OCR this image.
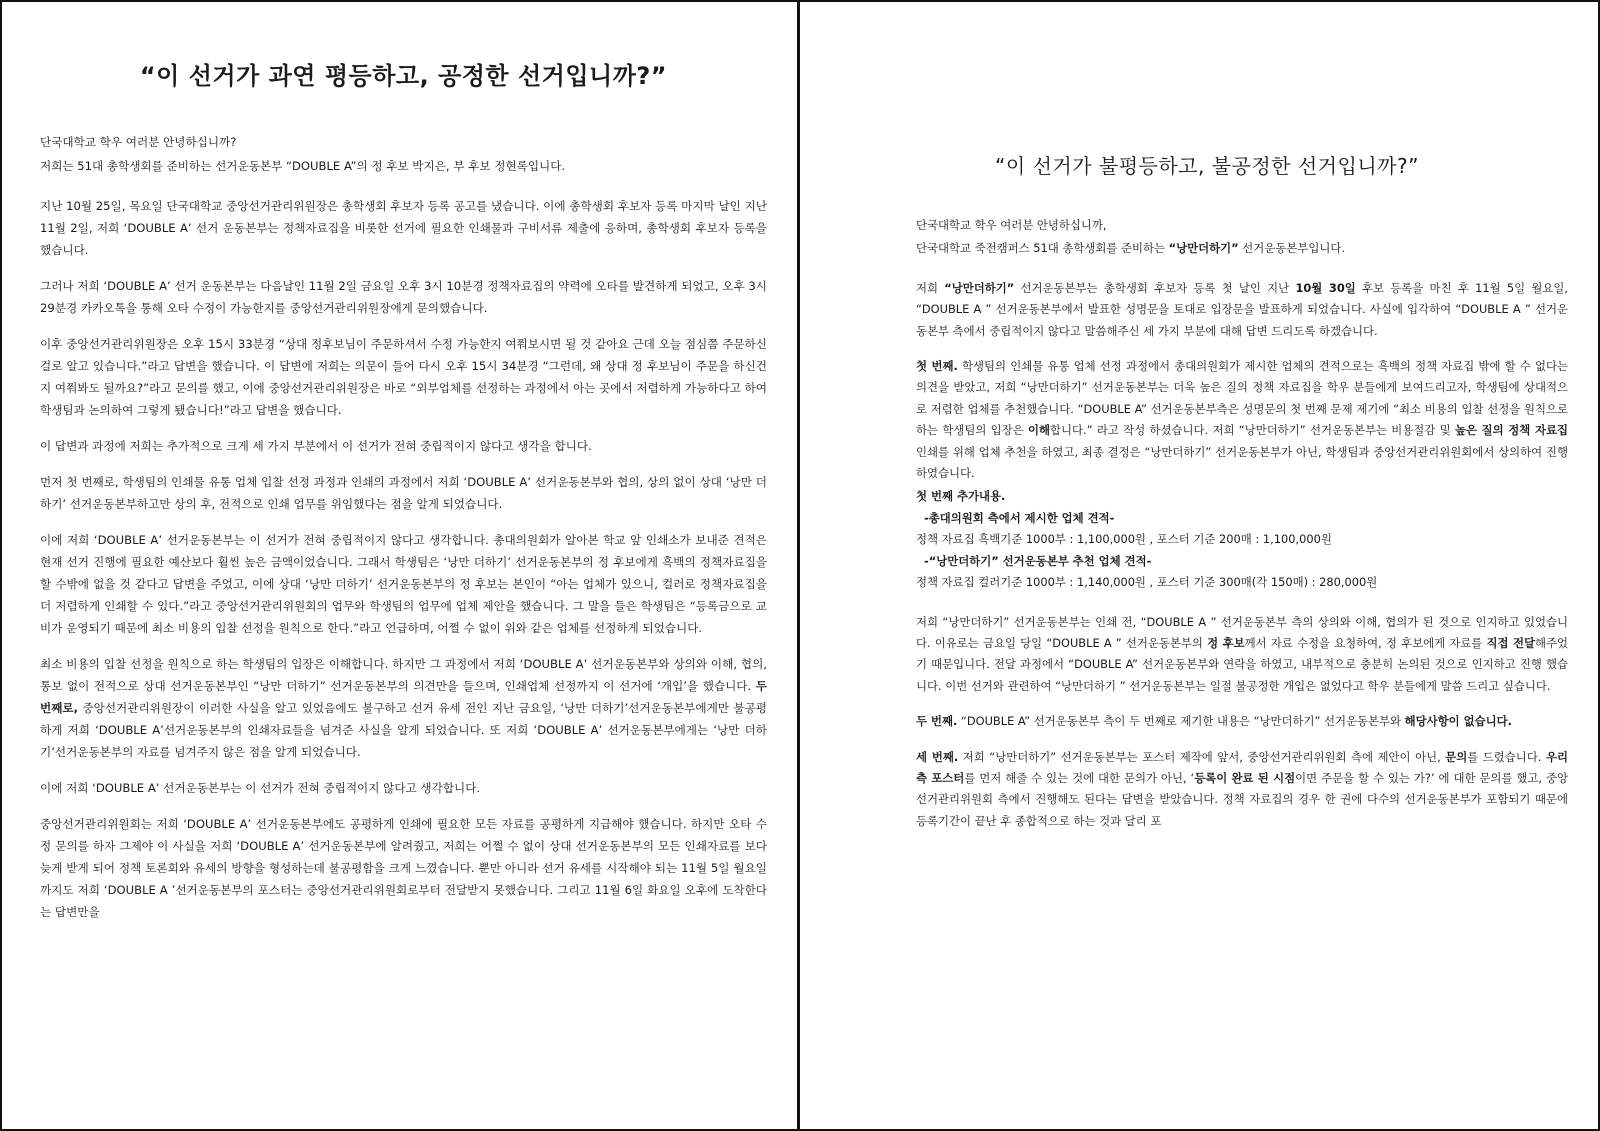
“이 선거가 과연 평등하고, 공정한 선거입니까?”

단국대학교 학우 여러분 안녕하십니까?

저희는 51대 총학생회를 준비하는 선거운동본부 “DOUBLE A”의 정 후보 박지은, 부 후보 정현록입니다.

지난 10월 25일, 목요일 단국대학교 중앙선거관리위원장은 총학생회 후보자 등록 공고를 냈습니다. 이에 총학생회 후보자 등록 마지막 날인 지난 11월 2일, 저희 ‘DOUBLE A’ 선거 운동본부는 정책자료집을 비롯한 선거에 필요한 인쇄물과 구비서류 제출에 응하며, 총학생회 후보자 등록을 했습니다.

그러나 저희 ‘DOUBLE A’ 선거 운동본부는 다음날인 11월 2일 금요일 오후 3시 10분경 정책자료집의 약력에 오타를 발견하게 되었고, 오후 3시 29분경 카카오톡을 통해 오타 수정이 가능한지를 중앙선거관리위원장에게 문의했습니다.

이후 중앙선거관리위원장은 오후 15시 33분경 “상대 정후보님이 주문하셔서 수정 가능한지 여쭤보시면 될 것 같아요 근데 오늘 점심쯤 주문하신 걸로 알고 있습니다.”라고 답변을 했습니다. 이 답변에 저희는 의문이 들어 다시 오후 15시 34분경 “그런데, 왜 상대 정 후보님이 주문을 하신건지 여쭤봐도 될까요?”라고 문의를 했고, 이에 중앙선거관리위원장은 바로 “외부업체를 선정하는 과정에서 아는 곳에서 저렴하게 가능하다고 하여 학생팀과 논의하여 그렇게 됐습니다!”라고 답변을 했습니다.

이 답변과 과정에 저희는 추가적으로 크게 세 가지 부분에서 이 선거가 전혀 중립적이지 않다고 생각을 합니다.

먼저 첫 번째로, 학생팀의 인쇄물 유통 업체 입찰 선정 과정과 인쇄의 과정에서 저희 ‘DOUBLE A’ 선거운동본부와 협의, 상의 없이 상대 ‘낭만 더하기’ 선거운동본부하고만 상의 후, 전적으로 인쇄 업무를 위임했다는 점을 알게 되었습니다.

이에 저희 ‘DOUBLE A’ 선거운동본부는 이 선거가 전혀 중립적이지 않다고 생각합니다. 총대의원회가 알아본 학교 앞 인쇄소가 보내준 견적은 현재 선거 진행에 필요한 예산보다 훨씬 높은 금액이었습니다. 그래서 학생팀은 ‘낭만 더하기’ 선거운동본부의 정 후보에게 흑백의 정책자료집을 할 수밖에 없을 것 같다고 답변을 주었고, 이에 상대 ‘낭만 더하기’ 선거운동본부의 정 후보는 본인이 “아는 업체가 있으니, 컬러로 정책자료집을 더 저렴하게 인쇄할 수 있다.”라고 중앙선거관리위원회의 업무와 학생팀의 업무에 업체 제안을 했습니다. 그 말을 들은 학생팀은 “등록금으로 교비가 운영되기 때문에 최소 비용의 입찰 선정을 원칙으로 한다.”라고 언급하며, 어쩔 수 없이 위와 같은 업체를 선정하게 되었습니다.

최소 비용의 입찰 선정을 원칙으로 하는 학생팀의 입장은 이해합니다. 하지만 그 과정에서 저희 ‘DOUBLE A’ 선거운동본부와 상의와 이해, 협의, 통보 없이 전적으로 상대 선거운동본부인 “낭만 더하기” 선거운동본부의 의견만을 들으며, 인쇄업체 선정까지 이 선거에 ‘개입’을 했습니다. 두 번째로, 중앙선거관리위원장이 이러한 사실을 알고 있었음에도 불구하고 선거 유세 전인 지난 금요일, ‘낭만 더하기’선거운동본부에게만 불공평하게 저희 ‘DOUBLE A’선거운동본부의 인쇄자료들을 넘겨준 사실을 알게 되었습니다. 또 저희 ‘DOUBLE A’ 선거운동본부에게는 ‘낭만 더하기’선거운동본부의 자료를 넘겨주지 않은 점을 알게 되었습니다.

이에 저희 ‘DOUBLE A’ 선거운동본부는 이 선거가 전혀 중립적이지 않다고 생각합니다.

중앙선거관리위원회는 저희 ‘DOUBLE A’ 선거운동본부에도 공평하게 인쇄에 필요한 모든 자료를 공평하게 지급해야 했습니다. 하지만 오타 수정 문의를 하자 그제야 이 사실을 저희 ‘DOUBLE A’ 선거운동본부에 알려줬고, 저희는 어쩔 수 없이 상대 선거운동본부의 모든 인쇄자료를 보다 늦게 받게 되어 정책 토론회와 유세의 방향을 형성하는데 불공평함을 크게 느꼈습니다. 뿐만 아니라 선거 유세를 시작해야 되는 11월 5일 월요일까지도 저희 ‘DOUBLE A ’선거운동본부의 포스터는 중앙선거관리위원회로부터 전달받지 못했습니다. 그리고 11월 6일 화요일 오후에 도착한다는 답변만을

“이 선거가 불평등하고, 불공정한 선거입니까?”

단국대학교 학우 여러분 안녕하십니까,

단국대학교 죽전캠퍼스 51대 총학생회를 준비하는 “낭만더하기” 선거운동본부입니다.

저희 “낭만더하기” 선거운동본부는 총학생회 후보자 등록 첫 날인 지난 10월 30일 후보 등록을 마친 후 11월 5일 월요일, “DOUBLE A ” 선거운동본부에서 발표한 성명문을 토대로 입장문을 발표하게 되었습니다. 사실에 입각하여 “DOUBLE A ” 선거운동본부 측에서 중립적이지 않다고 말씀해주신 세 가지 부분에 대해 답변 드리도록 하겠습니다.

첫 번째. 학생팀의 인쇄물 유통 업체 선정 과정에서 총대의원회가 제시한 업체의 견적으로는 흑백의 정책 자료집 밖에 할 수 없다는 의견을 받았고, 저희 “낭만더하기” 선거운동본부는 더욱 높은 질의 정책 자료집을 학우 분들에게 보여드리고자, 학생팀에 상대적으로 저렴한 업체를 추천했습니다. “DOUBLE A” 선거운동본부측은 성명문의 첫 번째 문제 제기에 “최소 비용의 입찰 선정을 원칙으로 하는 학생팀의 입장은 이해합니다.” 라고 작성 하셨습니다. 저희 “낭만더하기” 선거운동본부는 비용절감 및 높은 질의 정책 자료집 인쇄를 위해 업체 추천을 하였고, 최종 결정은 “낭만더하기” 선거운동본부가 아닌, 학생팀과 중앙선거관리위원회에서 상의하여 진행 하였습니다.

첫 번째 추가내용.

-총대의원회 측에서 제시한 업체 견적-

정책 자료집 흑백기준 1000부 : 1,100,000원 , 포스터 기준 200매 : 1,100,000원

-“낭만더하기” 선거운동본부 추천 업체 견적-

정책 자료집 컬러기준 1000부 : 1,140,000원 , 포스터 기준 300매(각 150매) : 280,000원

저희 “낭만더하기” 선거운동본부는 인쇄 전, “DOUBLE A ” 선거운동본부 측의 상의와 이해, 협의가 된 것으로 인지하고 있었습니다. 이유로는 금요일 당일 “DOUBLE A ” 선거운동본부의 정 후보께서 자료 수정을 요청하여, 정 후보에게 자료를 직접 전달해주었기 때문입니다. 전달 과정에서 “DOUBLE A” 선거운동본부와 연락을 하였고, 내부적으로 충분히 논의된 것으로 인지하고 진행 했습니다. 이번 선거와 관련하여 “낭만더하기 ” 선거운동본부는 일절 불공정한 개입은 없었다고 학우 분들에게 말씀 드리고 싶습니다.

두 번째. “DOUBLE A” 선거운동본부 측이 두 번째로 제기한 내용은 “낭만더하기” 선거운동본부와 해당사항이 없습니다.

세 번째. 저희 “낭만더하기” 선거운동본부는 포스터 제작에 앞서, 중앙선거관리위원회 측에 제안이 아닌, 문의를 드렸습니다. 우리 측 포스터를 먼저 해줄 수 있는 것에 대한 문의가 아닌, ‘등록이 완료 된 시점이면 주문을 할 수 있는 가?’ 에 대한 문의를 했고, 중앙선거관리위원회 측에서 진행해도 된다는 답변을 받았습니다. 정책 자료집의 경우 한 권에 다수의 선거운동본부가 포함되기 때문에 등록기간이 끝난 후 종합적으로 하는 것과 달리 포
